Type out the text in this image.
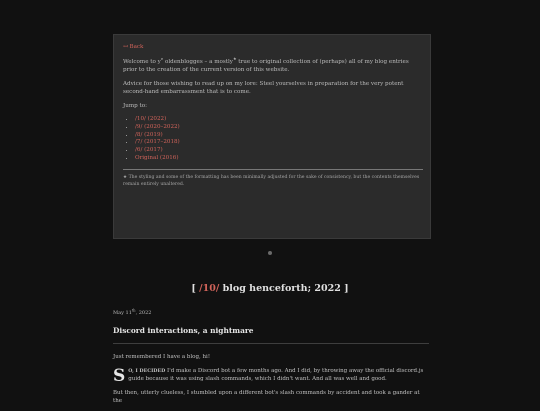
↤ Back

Welcome to $y^e$ oldenblogges – a mostly★ true to original collection of (perhaps) all of my blog entries prior to the creation of the current version of this website.

Advice for those wishing to read up on my lore: Steel yourselves in preparation for the very potent second-hand embarrassment that is to come.

Jump to:

• /10/ (2022)
• /9/ (2020–2022)
• /8/ (2019)
• /7/ (2017–2018)
• /6/ (2017)
• Original (2016)
★ The styling and some of the formatting has been minimally adjusted for the sake of consistency, but the contents themselves remain entirely unaltered.
[ /10/ blog henceforth; 2022 ]
May 11th, 2022
Discord interactions, a nightmare

Just remembered I have a blog, hi!

S O, I DECIDED I'd make a Discord bot a few months ago. And I did, by throwing away the official discord.js guide because it was using slash commands, which I didn't want. And all was well and good.

But then, utterly clueless, I stumbled upon a different bot's slash commands by accident and took a gander at the
